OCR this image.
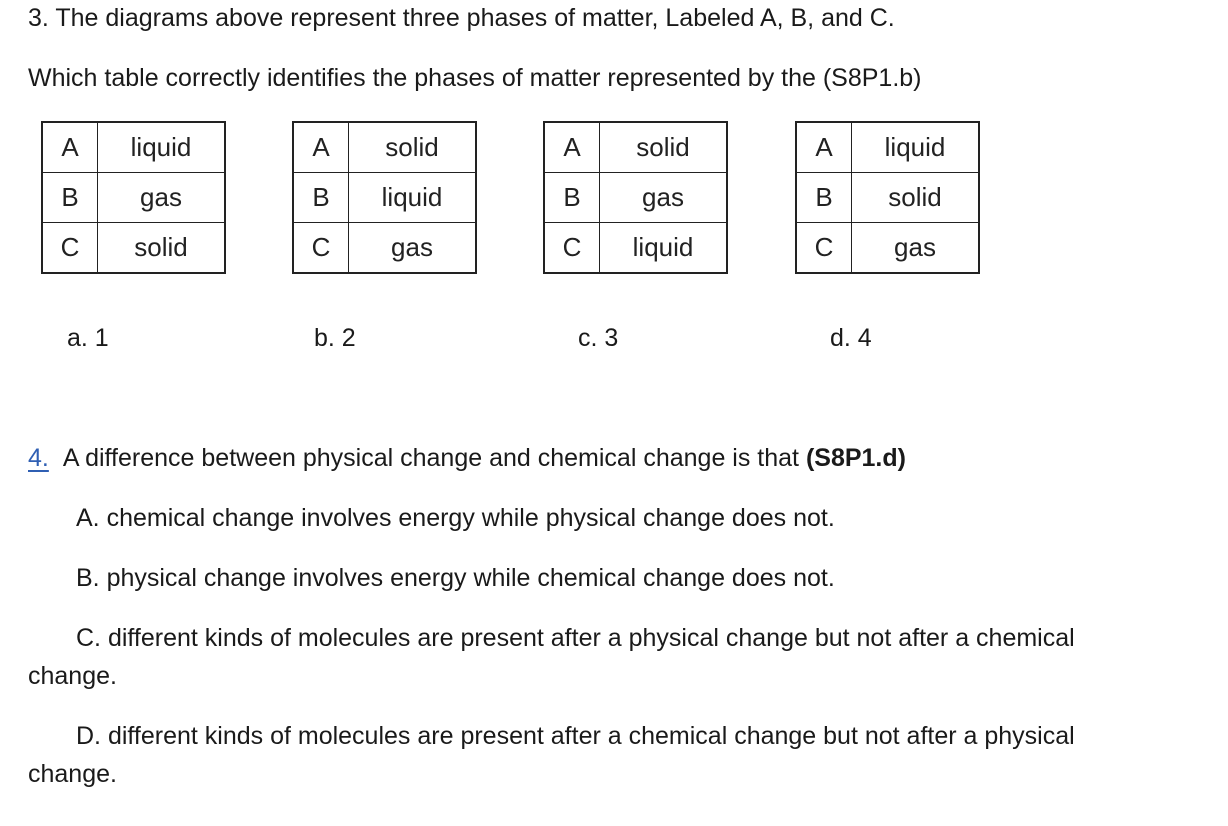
3. The diagrams above represent three phases of matter, Labeled A, B, and C.
Which table correctly identifies the phases of matter represented by the (S8P1.b)
A	liquid
B	gas
C	solid
A	solid
B	liquid
C	gas
A	solid
B	gas
C	liquid
A	liquid
B	solid
C	gas
a. 1	b. 2	c. 3	d. 4
4. A difference between physical change and chemical change is that (S8P1.d)
A. chemical change involves energy while physical change does not.
B. physical change involves energy while chemical change does not.
C. different kinds of molecules are present after a physical change but not after a chemical
change.
D. different kinds of molecules are present after a chemical change but not after a physical
change.
